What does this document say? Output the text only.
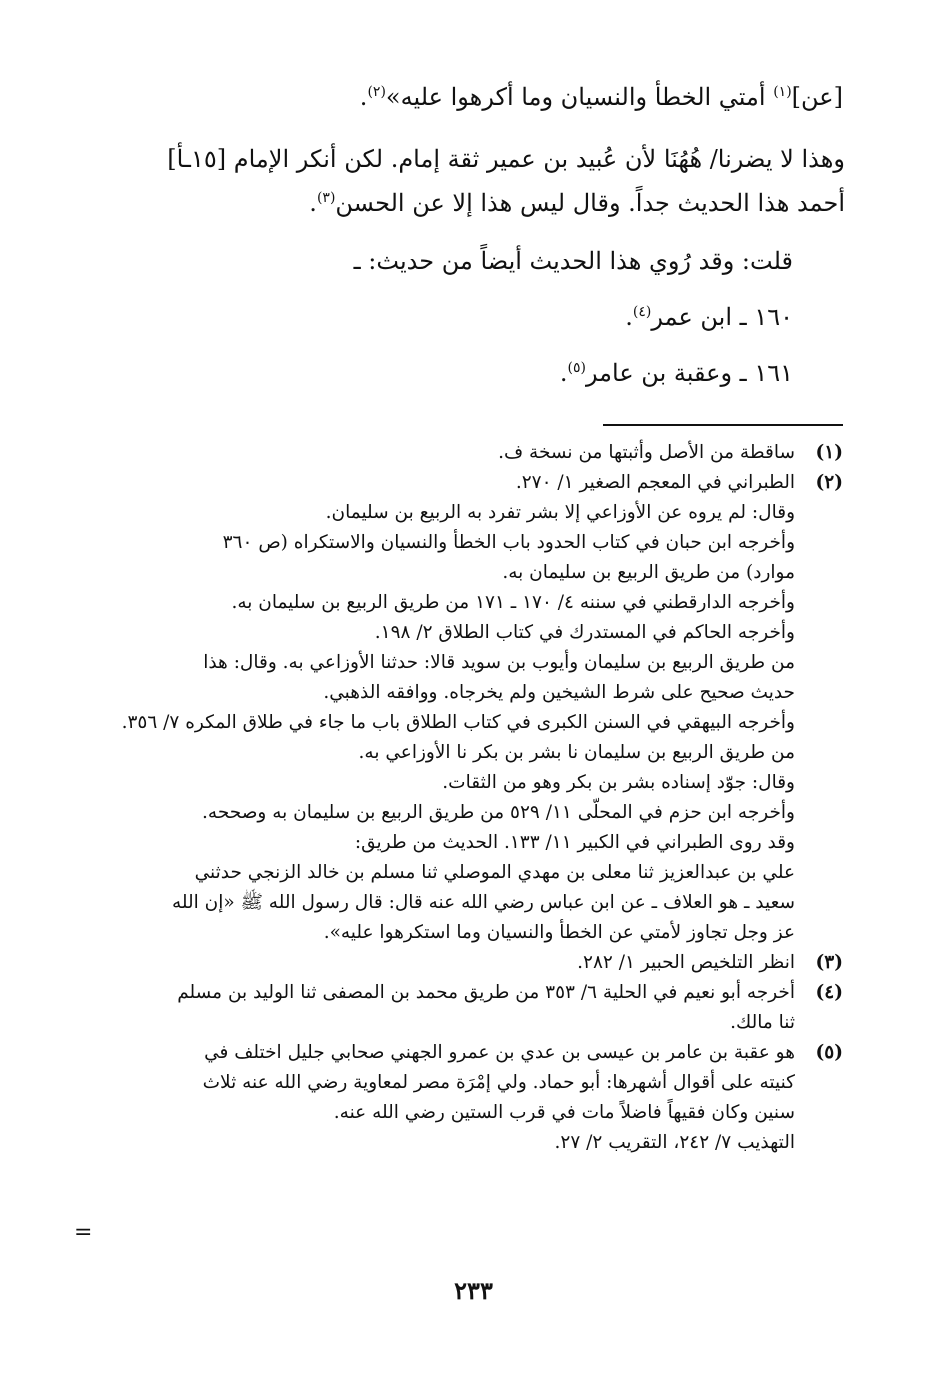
[عن]$^{(١)}$ أمتي الخطأ والنسيان وما أكرهوا عليه»$^{(٢)}$.
وهذا لا يضرنا/ هُهُنَا لأن عُبيد بن عمير ثقة إمام. لكن أنكر الإمام [١٥ـأ]
أحمد هذا الحديث جداً. وقال ليس هذا إلا عن الحسن$^{(٣)}$.
قلت: وقد رُوي هذا الحديث أيضاً من حديث: ـ
١٦٠ ـ ابن عمر$^{(٤)}$.
١٦١ ـ وعقبة بن عامر$^{(٥)}$.
(١)
ساقطة من الأصل وأثبتها من نسخة ف.
(٢)
الطبراني في المعجم الصغير ١/ ٢٧٠.
وقال: لم يروه عن الأوزاعي إلا بشر تفرد به الربيع بن سليمان.
وأخرجه ابن حبان في كتاب الحدود باب الخطأ والنسيان والاستكراه (ص ٣٦٠
موارد) من طريق الربيع بن سليمان به.
وأخرجه الدارقطني في سننه ٤/ ١٧٠ ـ ١٧١ من طريق الربيع بن سليمان به.
وأخرجه الحاكم في المستدرك في كتاب الطلاق ٢/ ١٩٨.
من طريق الربيع بن سليمان وأيوب بن سويد قالا: حدثنا الأوزاعي به. وقال: هذا
حديث صحيح على شرط الشيخين ولم يخرجاه. ووافقه الذهبي.
وأخرجه البيهقي في السنن الكبرى في كتاب الطلاق باب ما جاء في طلاق المكره ٧/ ٣٥٦.
من طريق الربيع بن سليمان نا بشر بن بكر نا الأوزاعي به.
وقال: جوّد إسناده بشر بن بكر وهو من الثقات.
وأخرجه ابن حزم في المحلّى ١١/ ٥٢٩ من طريق الربيع بن سليمان به وصححه.
وقد روى الطبراني في الكبير ١١/ ١٣٣. الحديث من طريق:
علي بن عبدالعزيز ثنا معلى بن مهدي الموصلي ثنا مسلم بن خالد الزنجي حدثني
سعيد ـ هو العلاف ـ عن ابن عباس رضي الله عنه قال: قال رسول الله ﷺ «إن الله
عز وجل تجاوز لأمتي عن الخطأ والنسيان وما استكرهوا عليه».
(٣)
انظر التلخيص الحبير ١/ ٢٨٢.
(٤)
أخرجه أبو نعيم في الحلية ٦/ ٣٥٣ من طريق محمد بن المصفى ثنا الوليد بن مسلم
ثنا مالك.
(٥)
هو عقبة بن عامر بن عيسى بن عدي بن عمرو الجهني صحابي جليل اختلف في
كنيته على أقوال أشهرها: أبو حماد. ولي إمْرَة مصر لمعاوية رضي الله عنه ثلاث
سنين وكان فقيهاً فاضلاً مات في قرب الستين رضي الله عنه.
التهذيب ٧/ ٢٤٢، التقريب ٢/ ٢٧.
=
٢٣٣
